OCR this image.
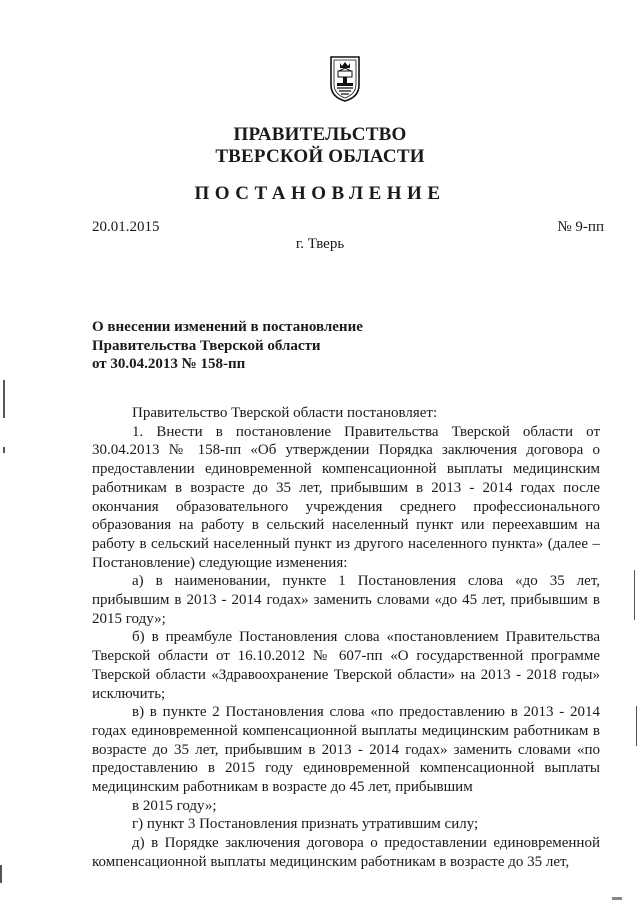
ПРАВИТЕЛЬСТВО
ТВЕРСКОЙ ОБЛАСТИ
ПОСТАНОВЛЕНИЕ
20.01.2015	№ 9-пп
г. Тверь
О внесении изменений в постановление
Правительства Тверской области
от 30.04.2013 № 158-пп

Правительство Тверской области постановляет:

1. Внести в постановление Правительства Тверской области от 30.04.2013 № 158-пп «Об утверждении Порядка заключения договора о предоставлении единовременной компенсационной выплаты медицинским работникам в возрасте до 35 лет, прибывшим в 2013 - 2014 годах после окончания образовательного учреждения среднего профессионального образования на работу в сельский населенный пункт или переехавшим на работу в сельский населенный пункт из другого населенного пункта» (далее – Постановление) следующие изменения:

а) в наименовании, пункте 1 Постановления слова «до 35 лет, прибывшим в 2013 - 2014 годах» заменить словами «до 45 лет, прибывшим в 2015 году»;

б) в преамбуле Постановления слова «постановлением Правительства Тверской области от 16.10.2012 № 607-пп «О государственной программе Тверской области «Здравоохранение Тверской области» на 2013 - 2018 годы» исключить;

в) в пункте 2 Постановления слова «по предоставлению в 2013 - 2014 годах единовременной компенсационной выплаты медицинским работникам в возрасте до 35 лет, прибывшим в 2013 - 2014 годах» заменить словами «по предоставлению в 2015 году единовременной компенсационной выплаты медицинским работникам в возрасте до 45 лет, прибывшим

в 2015 году»;

г) пункт 3 Постановления признать утратившим силу;

д) в Порядке заключения договора о предоставлении единовременной компенсационной выплаты медицинским работникам в возрасте до 35 лет,
